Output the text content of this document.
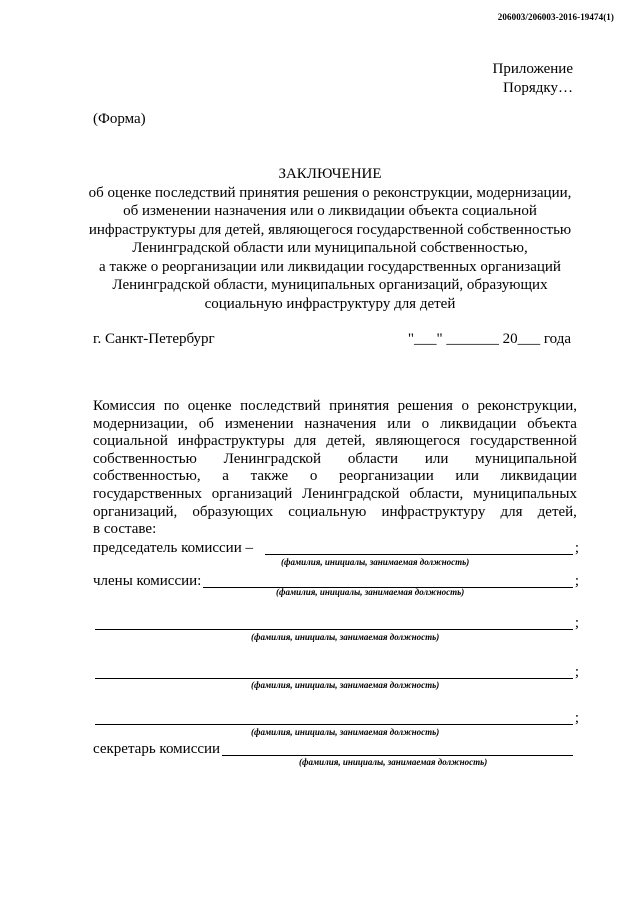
206003/206003-2016-19474(1)
Приложение
Порядку…
(Форма)
ЗАКЛЮЧЕНИЕ
об оценке последствий принятия решения о реконструкции, модернизации,
об изменении назначения или о ликвидации объекта социальной
инфраструктуры для детей, являющегося государственной собственностью
Ленинградской области или муниципальной собственностью,
а также о реорганизации или ликвидации государственных организаций
Ленинградской области, муниципальных организаций, образующих
социальную инфраструктуру для детей
г. Санкт-Петербург	"___" _______ 20___ года
Комиссия по оценке последствий принятия решения о реконструкции,
модернизации, об изменении назначения или о ликвидации объекта
социальной инфраструктуры для детей, являющегося государственной
собственностью Ленинградской области или муниципальной
собственностью, а также о реорганизации или ликвидации
государственных организаций Ленинградской области, муниципальных
организаций, образующих социальную инфраструктуру для детей,
в составе:
председатель комиссии –	;
(фамилия, инициалы, занимаемая должность)
члены комиссии:	;
(фамилия, инициалы, занимаемая должность)
;
(фамилия, инициалы, занимаемая должность)
;
(фамилия, инициалы, занимаемая должность)
;
(фамилия, инициалы, занимаемая должность)
секретарь комиссии
(фамилия, инициалы, занимаемая должность)
